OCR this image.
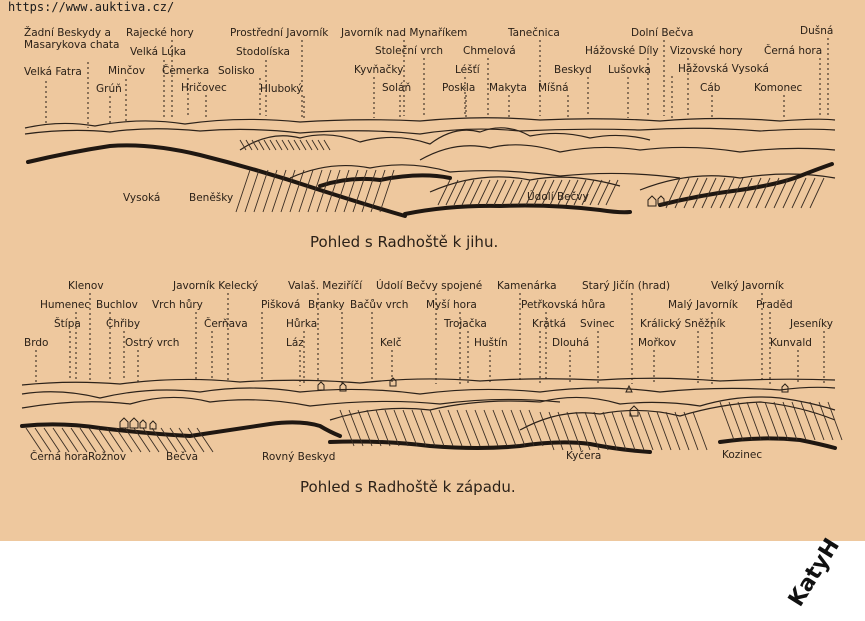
https://www.auktiva.cz/
Žadní Beskydy a Masarykova chata
Velká Fatra
Rajecké hory
Velká Lúka
Minčov
Grúň
Čemerka
Hričovec
Prostřední Javorník
Stodolíska
Solisko
Hluboký
Javorník nad Mynaříkem
Stoleční vrch
Kyvňačky
Soláň
Chmelová
Léšťí
Poskla Makyta
Tanečnica
Beskyd
Míšná
Hážovské Díly
Lušovka
Dolní Bečva
Vizovské hory
Hážovská Vysoká
Cáb
Dušná
Černá hora
Komonec
Vysoká	Beněšky	Údolí Bečvy
Pohled s Radhoště k jihu.
Klenov
Humenec Buchlov
Štípa Chřiby
Brdo	Ostrý vrch
Javorník Kelecký
Vrch hůry
Čerňava
Valaš. Meziříčí
Pišková Branky
Hůrka
Láz
Bačův vrch
Kelč
Údolí Bečvy spojené
Myší hora
Trojačka
Huštín
Kamenárka
Petřkovská hůra
Krátká Svinec
Dlouhá
Starý Jičín (hrad)
Malý Javorník
Králický Sněžník
Mořkov
Velký Javorník
Praděd
Jeseníky
Kunvald
Černá hora Rožnov	Bečva	Rovný Beskyd	Kyčera	Kozinec
Pohled s Radhoště k západu.
KatyH
